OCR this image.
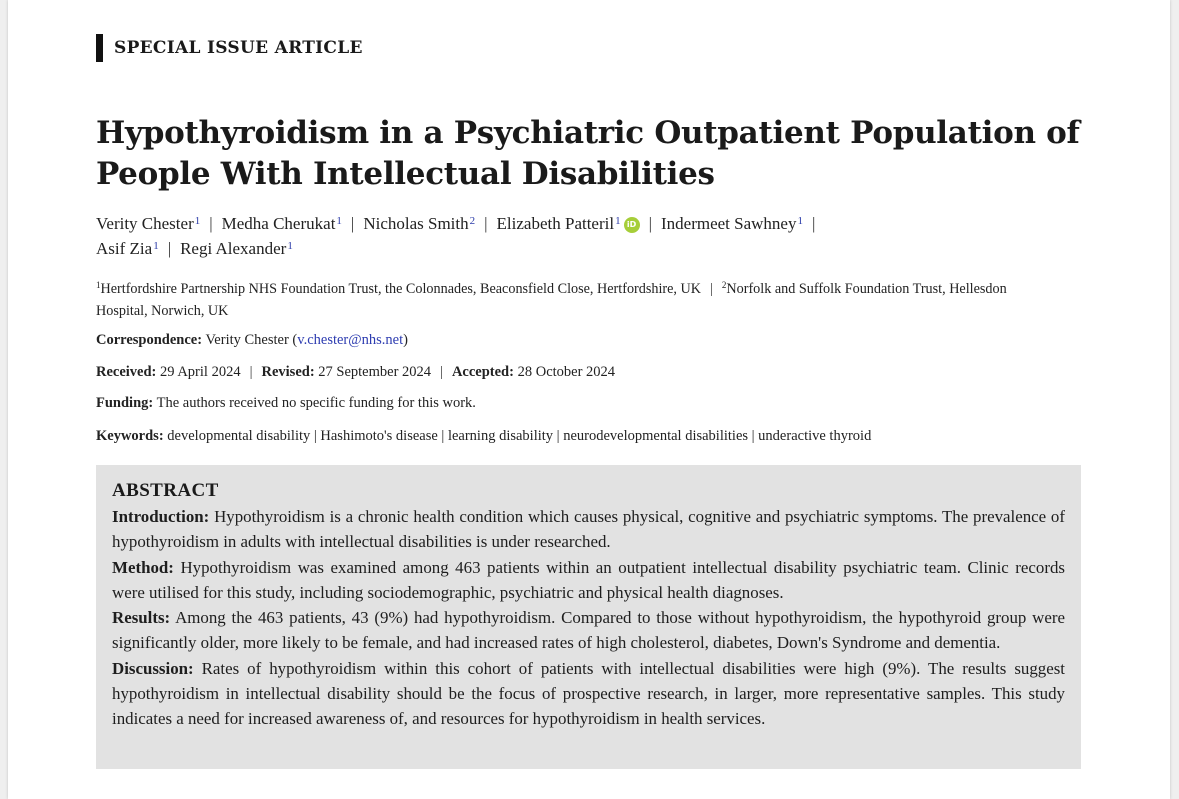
SPECIAL ISSUE ARTICLE
Hypothyroidism in a Psychiatric Outpatient Population of People With Intellectual Disabilities
Verity Chester$^1$ | Medha Cherukat$^1$ | Nicholas Smith$^2$ | Elizabeth Patteril$^1$ iD | Indermeet Sawhney$^1$ |
Asif Zia$^1$ | Regi Alexander$^1$
$^1$Hertfordshire Partnership NHS Foundation Trust, the Colonnades, Beaconsfield Close, Hertfordshire, UK | $^2$Norfolk and Suffolk Foundation Trust, Hellesdon Hospital, Norwich, UK
Correspondence: Verity Chester (v.chester@nhs.net)
Received: 29 April 2024 | Revised: 27 September 2024 | Accepted: 28 October 2024
Funding: The authors received no specific funding for this work.
Keywords: developmental disability | Hashimoto's disease | learning disability | neurodevelopmental disabilities | underactive thyroid
ABSTRACT

Introduction: Hypothyroidism is a chronic health condition which causes physical, cognitive and psychiatric symptoms. The prevalence of hypothyroidism in adults with intellectual disabilities is under researched.

Method: Hypothyroidism was examined among 463 patients within an outpatient intellectual disability psychiatric team. Clinic records were utilised for this study, including sociodemographic, psychiatric and physical health diagnoses.

Results: Among the 463 patients, 43 (9%) had hypothyroidism. Compared to those without hypothyroidism, the hypothyroid group were significantly older, more likely to be female, and had increased rates of high cholesterol, diabetes, Down's Syndrome and dementia.

Discussion: Rates of hypothyroidism within this cohort of patients with intellectual disabilities were high (9%). The results suggest hypothyroidism in intellectual disability should be the focus of prospective research, in larger, more representative samples. This study indicates a need for increased awareness of, and resources for hypothyroidism in health services.
